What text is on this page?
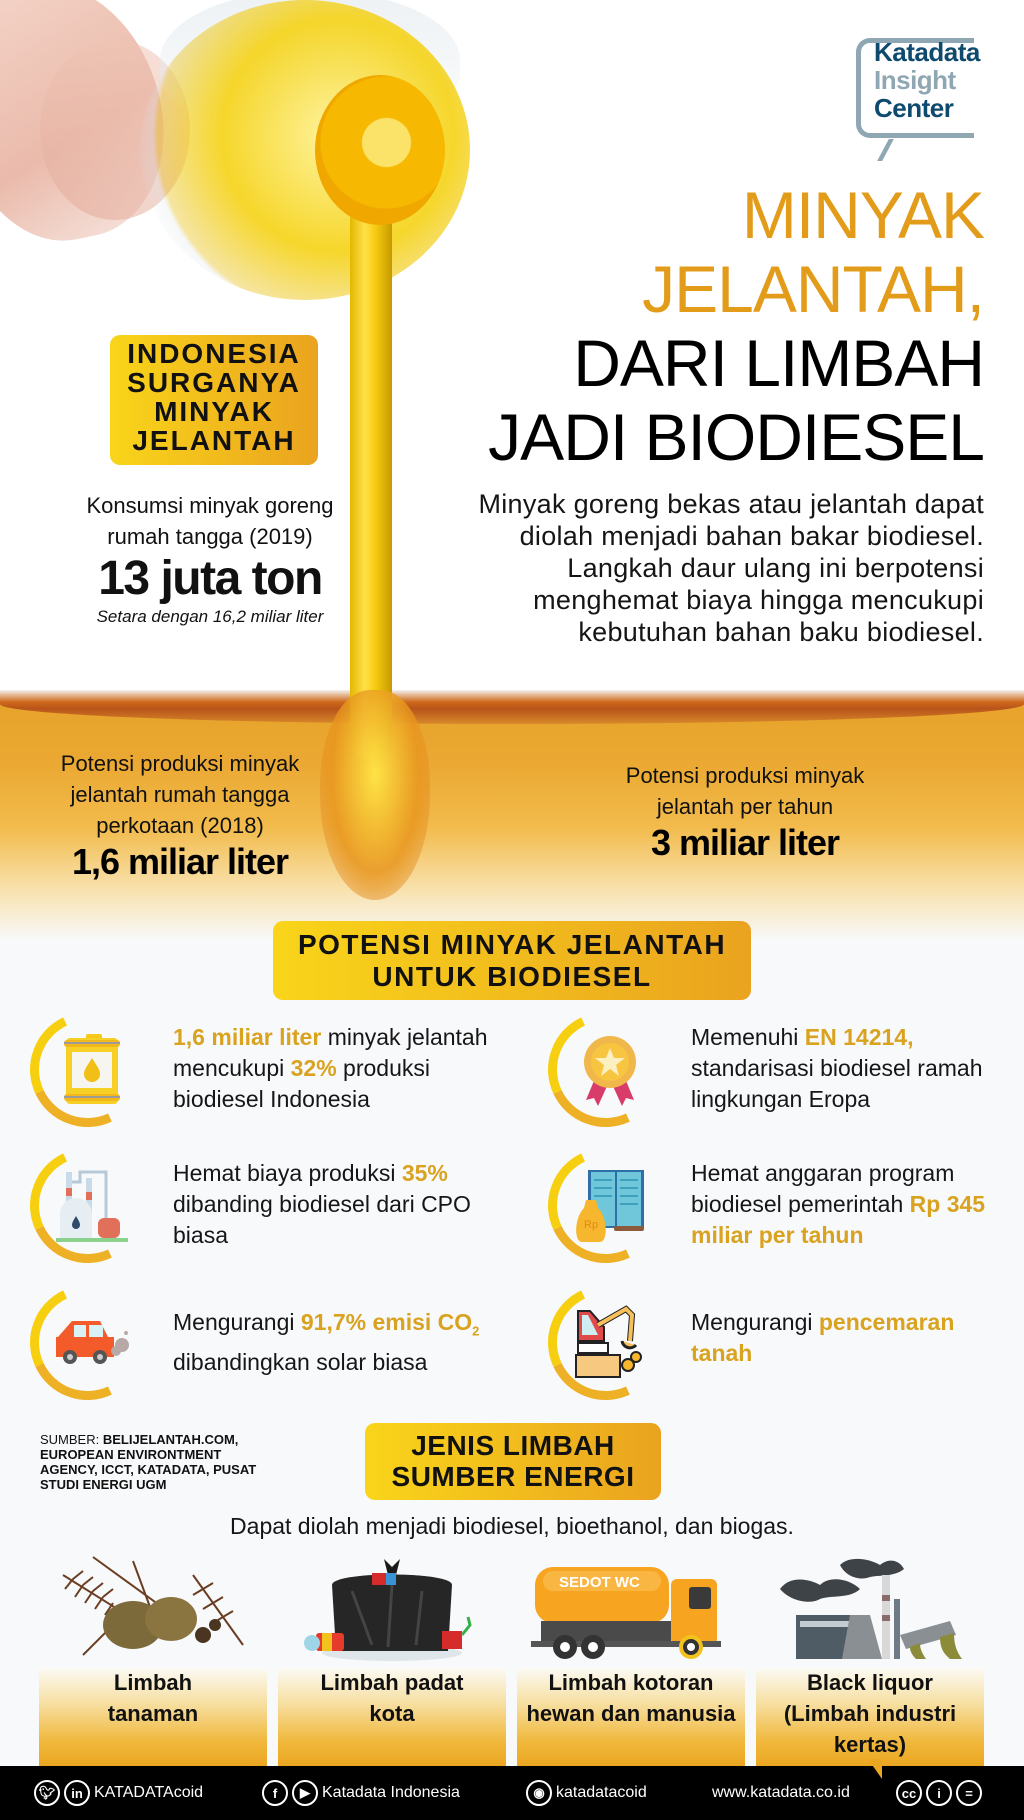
Katadata
Insight
Center
MINYAK
JELANTAH,
DARI LIMBAH
JADI BIODIESEL
Minyak goreng bekas atau jelantah dapat diolah menjadi bahan bakar biodiesel. Langkah daur ulang ini berpotensi menghemat biaya hingga mencukupi kebutuhan bahan baku biodiesel.
INDONESIA
SURGANYA
MINYAK
JELANTAH
Konsumsi minyak goreng
rumah tangga (2019)
13 juta ton
Setara dengan 16,2 miliar liter
Potensi produksi minyak
jelantah rumah tangga
perkotaan (2018)
1,6 miliar liter
Potensi produksi minyak
jelantah per tahun
3 miliar liter
POTENSI MINYAK JELANTAH
UNTUK BIODIESEL
1,6 miliar liter minyak jelantah mencukupi 32% produksi biodiesel Indonesia
Memenuhi EN 14214, standarisasi biodiesel ramah lingkungan Eropa
Hemat biaya produksi 35% dibanding biodiesel dari CPO biasa	Rp
Hemat anggaran program biodiesel pemerintah Rp 345 miliar per tahun
Mengurangi 91,7% emisi $CO_2$ dibandingkan solar biasa
Mengurangi pencemaran tanah
SUMBER: BELIJELANTAH.COM, EUROPEAN ENVIRONTMENT AGENCY, ICCT, KATADATA, PUSAT STUDI ENERGI UGM
JENIS LIMBAH
SUMBER ENERGI
Dapat diolah menjadi biodiesel, bioethanol, dan biogas.
Limbah
tanaman
Limbah padat
kota
SEDOT WC
Limbah kotoran
hewan dan manusia
Black liquor
(Limbah industri
kertas)
🐦︎	in KATADATAcoid	f	▶ Katadata Indonesia	◉ katadatacoid	www.katadata.co.id	cc	i	=
